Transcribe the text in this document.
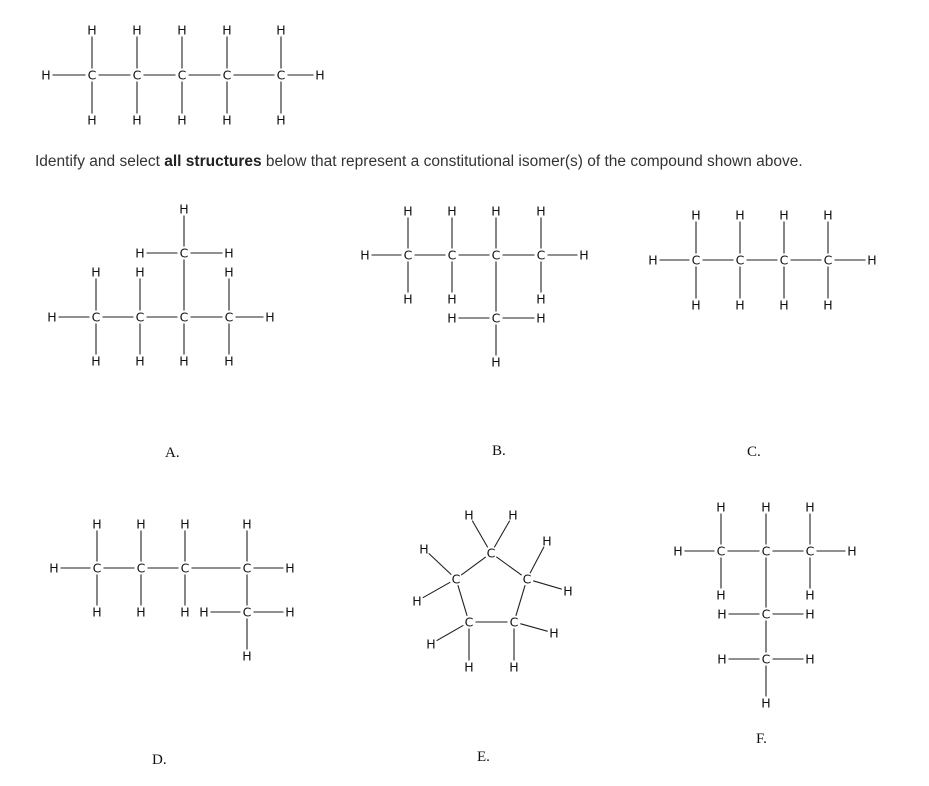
C	C	C	C	C
H
H
H
H
H
H
H
H
H
H
H	H
C	C	C	C
C
H	H
H
H
H
H	H
H
H
H
H	H	C	C	C	C
C
H	H
H
H
H
H
H	H
H
H	H
H
C	C	C	C
H
H
H
H
H
H
H
H
H	H
C	C	C	C
C
H
H
H
H
H
H
H
H
H
H	H
H
C
C
C	C
C
H	H
H
H
H
H	H
H
H
H
C	C	C
C
C
H	H
H
H
H	H
H
H	H
H	H
H
Identify and select all structures below that represent a constitutional isomer(s) of the compound shown above.
A.	B.	C.
D.	E.
F.
